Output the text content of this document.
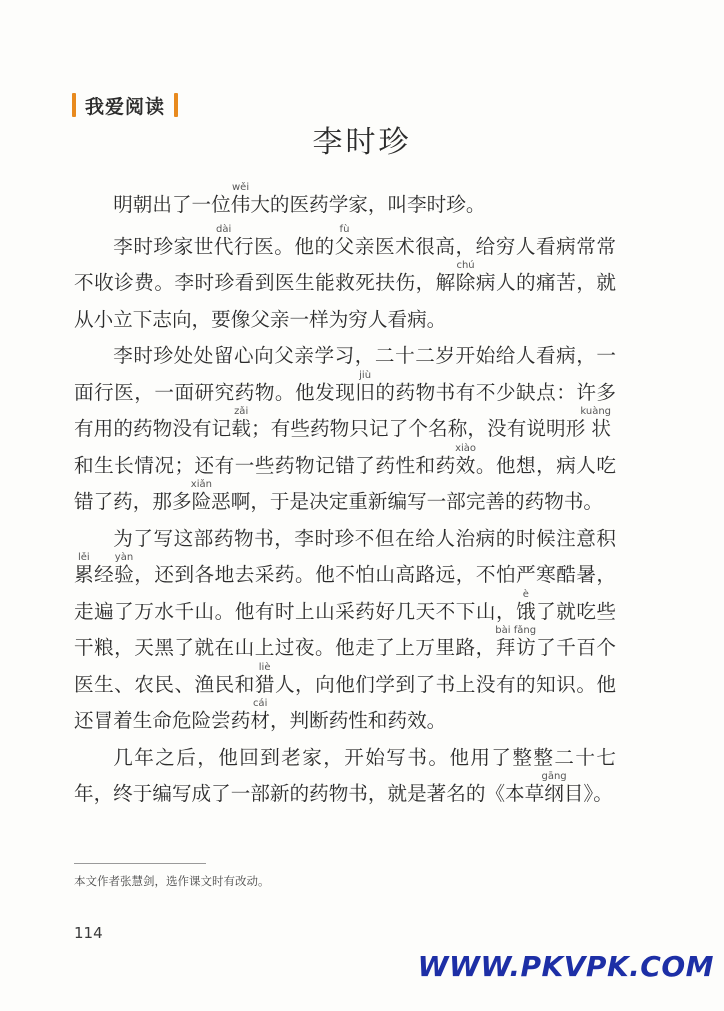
我爱阅读
李时珍

明朝出了一位伟wěi大的医药学家，叫李时珍。

李时珍家世代dài行医。他的父fù亲医术很高，给穷人看病常常不收诊费。李时珍看到医生能救死扶伤，解除chú病人的痛苦，就从小立下志向，要像父亲一样为穷人看病。

李时珍处处留心向父亲学习，二十二岁开始给人看病，一面行医，一面研究药物。他发现旧jiù的药物书有不少缺点：许多有用的药物没有记载zǎi；有些药物只记了个名称，没有说明形状kuàng和生长情况；还有一些药物记错了药性和药效xiào。他想，病人吃错了药，那多险xiǎn恶啊，于是决定重新编写一部完善的药物书。

为了写这部药物书，李时珍不但在给人治病的时候注意积累lěi经验yàn，还到各地去采药。他不怕山高路远，不怕严寒酷暑，走遍了万水千山。他有时上山采药好几天不下山，饿è了就吃些干粮，天黑了就在山上过夜。他走了上万里路，拜访bài fǎng了千百个医生、农民、渔民和猎liè人，向他们学到了书上没有的知识。他还冒着生命危险尝药材cái，判断药性和药效。

几年之后，他回到老家，开始写书。他用了整整二十七年，终于编写成了一部新的药物书，就是著名的《本草纲gāng目》。

本文作者张慧剑，选作课文时有改动。
114
WWW.PKVPK.COM
